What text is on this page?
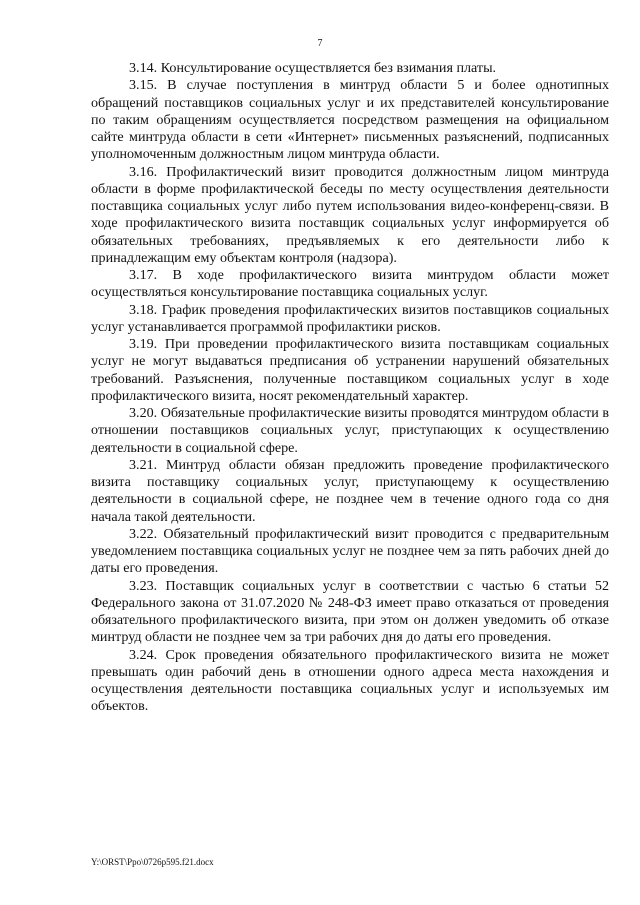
7

3.14. Консультирование осуществляется без взимания платы.

3.15. В случае поступления в минтруд области 5 и более однотипных обращений поставщиков социальных услуг и их представителей консультирование по таким обращениям осуществляется посредством размещения на официальном сайте минтруда области в сети «Интернет» письменных разъяснений, подписанных уполномоченным должностным лицом минтруда области.

3.16. Профилактический визит проводится должностным лицом минтруда области в форме профилактической беседы по месту осуществления деятельности поставщика социальных услуг либо путем использования видео-конференц-связи. В ходе профилактического визита поставщик социальных услуг информируется об обязательных требованиях, предъявляемых к его деятельности либо к принадлежащим ему объектам контроля (надзора).

3.17. В ходе профилактического визита минтрудом области может осуществляться консультирование поставщика социальных услуг.

3.18. График проведения профилактических визитов поставщиков социальных услуг устанавливается программой профилактики рисков.

3.19. При проведении профилактического визита поставщикам социальных услуг не могут выдаваться предписания об устранении нарушений обязательных требований. Разъяснения, полученные поставщиком социальных услуг в ходе профилактического визита, носят рекомендательный характер.

3.20. Обязательные профилактические визиты проводятся минтрудом области в отношении поставщиков социальных услуг, приступающих к осуществлению деятельности в социальной сфере.

3.21. Минтруд области обязан предложить проведение профилактического визита поставщику социальных услуг, приступающему к осуществлению деятельности в социальной сфере, не позднее чем в течение одного года со дня начала такой деятельности.

3.22. Обязательный профилактический визит проводится с предварительным уведомлением поставщика социальных услуг не позднее чем за пять рабочих дней до даты его проведения.

3.23. Поставщик социальных услуг в соответствии с частью 6 статьи 52 Федерального закона от 31.07.2020 № 248-ФЗ имеет право отказаться от проведения обязательного профилактического визита, при этом он должен уведомить об отказе минтруд области не позднее чем за три рабочих дня до даты его проведения.

3.24. Срок проведения обязательного профилактического визита не может превышать один рабочий день в отношении одного адреса места нахождения и осуществления деятельности поставщика социальных услуг и используемых им объектов.

Y:\ORST\Ppo\0726p595.f21.docx
